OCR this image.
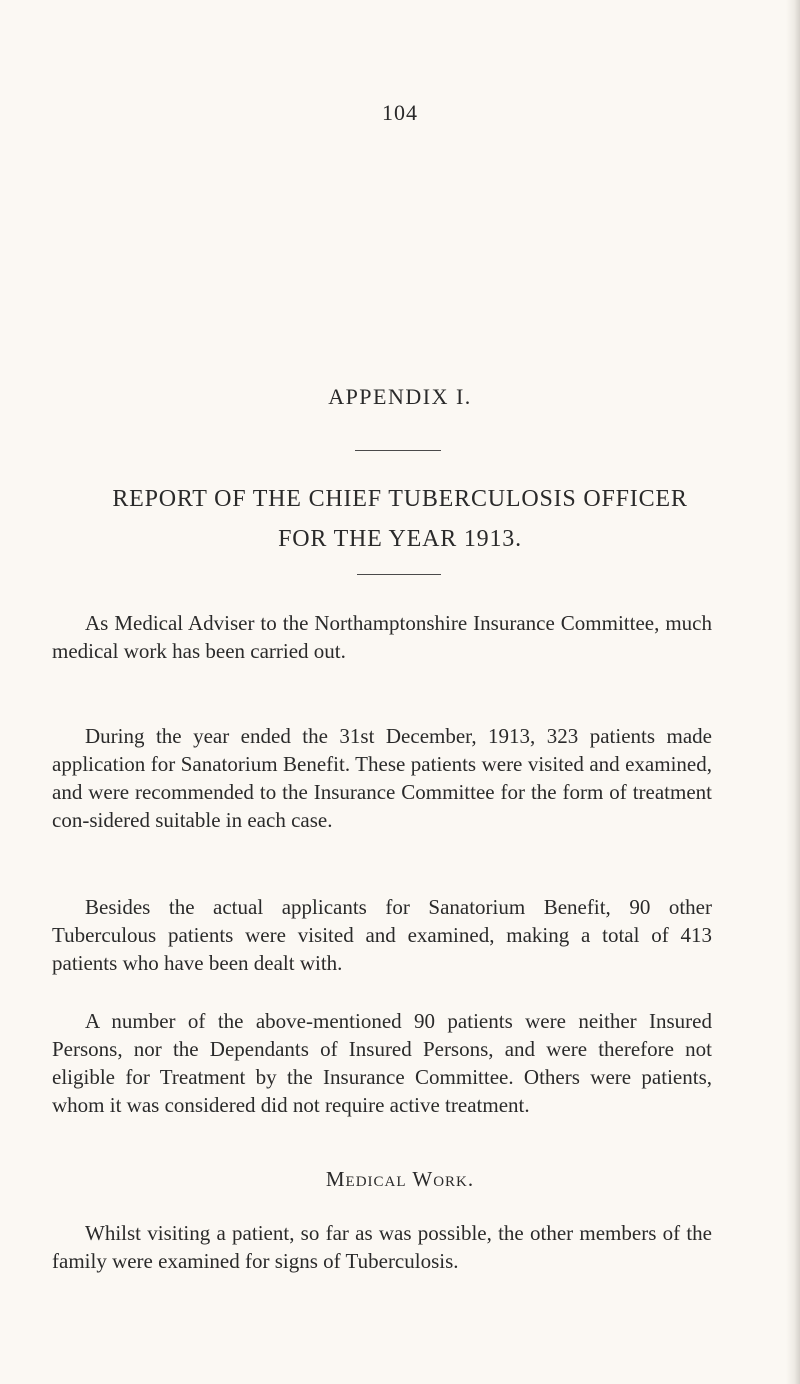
104
APPENDIX I.
REPORT OF THE CHIEF TUBERCULOSIS OFFICER
FOR THE YEAR 1913.

As Medical Adviser to the Northamptonshire Insurance Committee, much medical work has been carried out.

During the year ended the 31st December, 1913, 323 patients made application for Sanatorium Benefit. These patients were visited and examined, and were recommended to the Insurance Committee for the form of treatment con-sidered suitable in each case.

Besides the actual applicants for Sanatorium Benefit, 90 other Tuberculous patients were visited and examined, making a total of 413 patients who have been dealt with.

A number of the above-mentioned 90 patients were neither Insured Persons, nor the Dependants of Insured Persons, and were therefore not eligible for Treatment by the Insurance Committee. Others were patients, whom it was considered did not require active treatment.

Medical Work.

Whilst visiting a patient, so far as was possible, the other members of the family were examined for signs of Tuberculosis.
